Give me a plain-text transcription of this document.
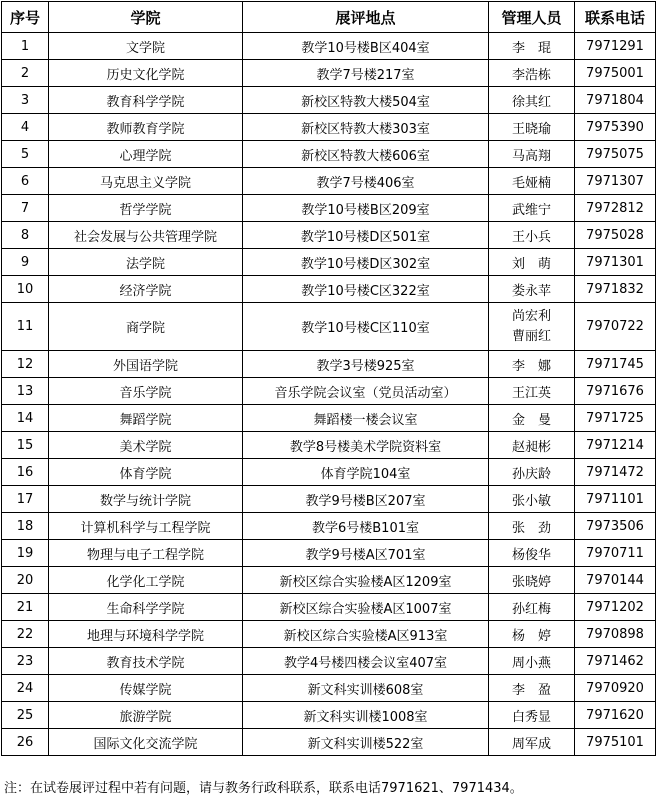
序号	学院	展评地点	管理人员	联系电话
1	文学院	教学10号楼B区404室	李　琨	7971291
2	历史文化学院	教学7号楼217室	李浩栋	7975001
3	教育科学学院	新校区特教大楼504室	徐其红	7971804
4	教师教育学院	新校区特教大楼303室	王晓瑜	7975390
5	心理学院	新校区特教大楼606室	马高翔	7975075
6	马克思主义学院	教学7号楼406室	毛娅楠	7971307
7	哲学学院	教学10号楼B区209室	武维宁	7972812
8	社会发展与公共管理学院	教学10号楼D区501室	王小兵	7975028
9	法学院	教学10号楼D区302室	刘　萌	7971301
10	经济学院	教学10号楼C区322室	娄永苹	7971832
11	商学院	教学10号楼C区110室	尚宏利
曹丽红	7970722
12	外国语学院	教学3号楼925室	李　娜	7971745
13	音乐学院	音乐学院会议室（党员活动室）	王江英	7971676
14	舞蹈学院	舞蹈楼一楼会议室	金　曼	7971725
15	美术学院	教学8号楼美术学院资料室	赵昶彬	7971214
16	体育学院	体育学院104室	孙庆龄	7971472
17	数学与统计学院	教学9号楼B区207室	张小敏	7971101
18	计算机科学与工程学院	教学6号楼B101室	张　劲	7973506
19	物理与电子工程学院	教学9号楼A区701室	杨俊华	7970711
20	化学化工学院	新校区综合实验楼A区1209室	张晓婷	7970144
21	生命科学学院	新校区综合实验楼A区1007室	孙红梅	7971202
22	地理与环境科学学院	新校区综合实验楼A区913室	杨　婷	7970898
23	教育技术学院	教学4号楼四楼会议室407室	周小燕	7971462
24	传媒学院	新文科实训楼608室	李　盈	7970920
25	旅游学院	新文科实训楼1008室	白秀显	7971620
26	国际文化交流学院	新文科实训楼522室	周军成	7975101
注：在试卷展评过程中若有问题，请与教务行政科联系，联系电话7971621、7971434。
